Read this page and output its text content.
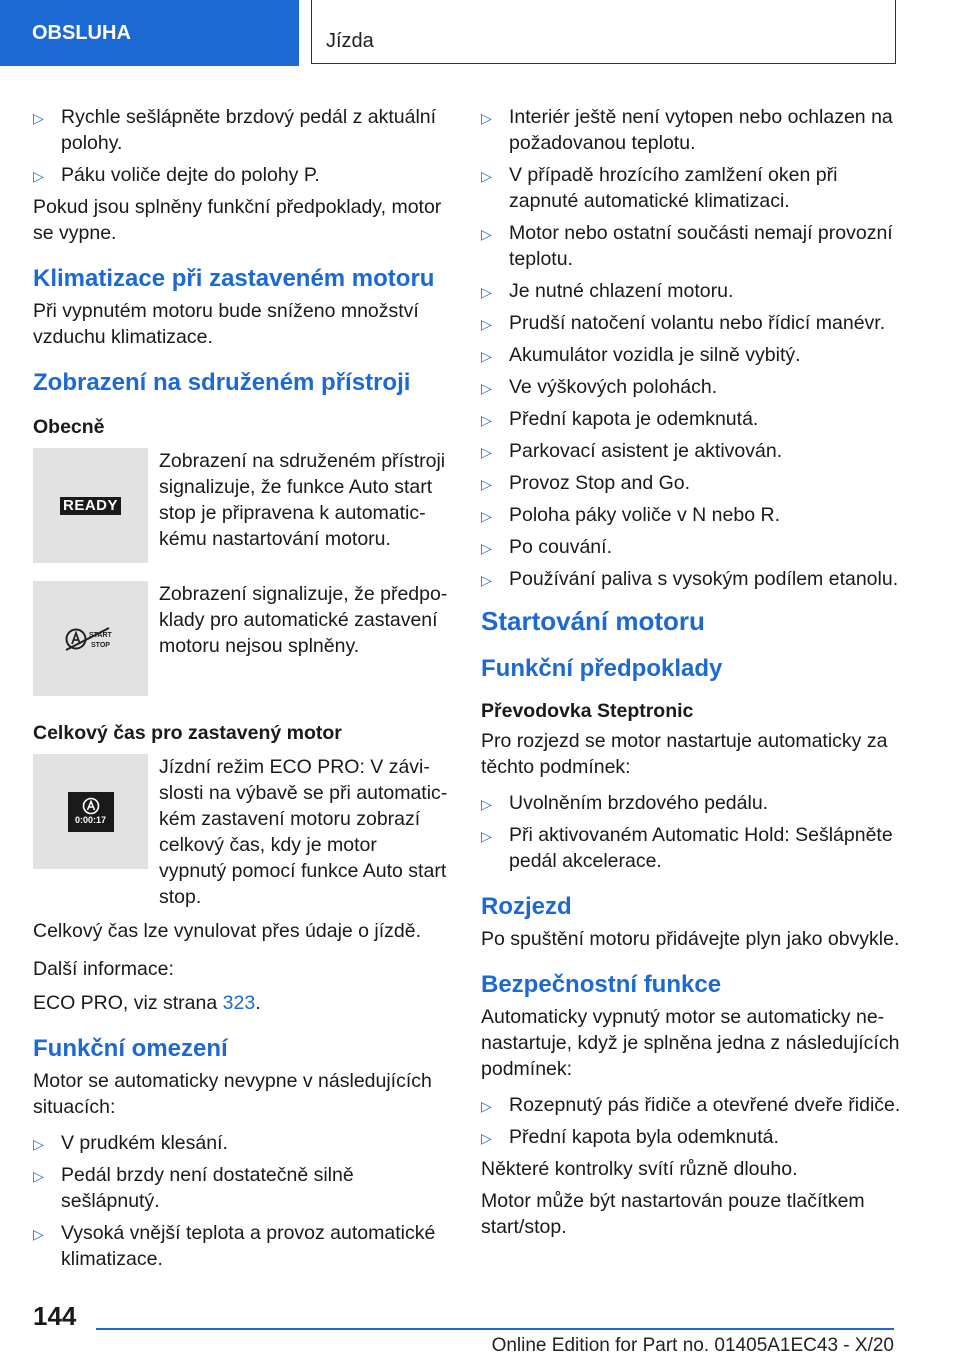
OBSLUHA	Jízda
▷ Rychle sešlápněte brzdový pedál z aktuální polohy.
▷ Páku voliče dejte do polohy P.

Pokud jsou splněny funkční předpoklady, motor se vypne.

Klimatizace při zastaveném motoru

Při vypnutém motoru bude sníženo množství vzduchu klimatizace.

Zobrazení na sdruženém přístroji
Obecně
READY

Zobrazení na sdruženém přístroji signalizuje, že funkce Auto start stop je připravena k automatickému nastartování motoru.

START
STOP

Zobrazení signalizuje, že předpoklady pro automatické zastavení motoru nejsou splněny.

Celkový čas pro zastavený motor
0:00:17

Jízdní režim ECO PRO: V závislosti na výbavě se při automatickém zastavení motoru zobrazí celkový čas, kdy je motor vypnutý pomocí funkce Auto start stop.

Celkový čas lze vynulovat přes údaje o jízdě.

Další informace:

ECO PRO, viz strana 323.

Funkční omezení

Motor se automaticky nevypne v následujících situacích:

▷ V prudkém klesání.
▷ Pedál brzdy není dostatečně silně sešlápnutý.
▷ Vysoká vnější teplota a provoz automatické klimatizace.
▷ Interiér ještě není vytopen nebo ochlazen na požadovanou teplotu.
▷ V případě hrozícího zamlžení oken při zapnuté automatické klimatizaci.
▷ Motor nebo ostatní součásti nemají provozní teplotu.
▷ Je nutné chlazení motoru.
▷ Prudší natočení volantu nebo řídicí manévr.
▷ Akumulátor vozidla je silně vybitý.
▷ Ve výškových polohách.
▷ Přední kapota je odemknutá.
▷ Parkovací asistent je aktivován.
▷ Provoz Stop and Go.
▷ Poloha páky voliče v N nebo R.
▷ Po couvání.
▷ Používání paliva s vysokým podílem etanolu.
Startování motoru
Funkční předpoklady
Převodovka Steptronic

Pro rozjezd se motor nastartuje automaticky za těchto podmínek:

▷ Uvolněním brzdového pedálu.
▷ Při aktivovaném Automatic Hold: Sešlápněte pedál akcelerace.
Rozjezd

Po spuštění motoru přidávejte plyn jako obvykle.

Bezpečnostní funkce

Automaticky vypnutý motor se automaticky nenastartuje, když je splněna jedna z následujících podmínek:

▷ Rozepnutý pás řidiče a otevřené dveře řidiče.
▷ Přední kapota byla odemknutá.

Některé kontrolky svítí různě dlouho.

Motor může být nastartován pouze tlačítkem start/stop.

144
Online Edition for Part no. 01405A1EC43 - X/20
